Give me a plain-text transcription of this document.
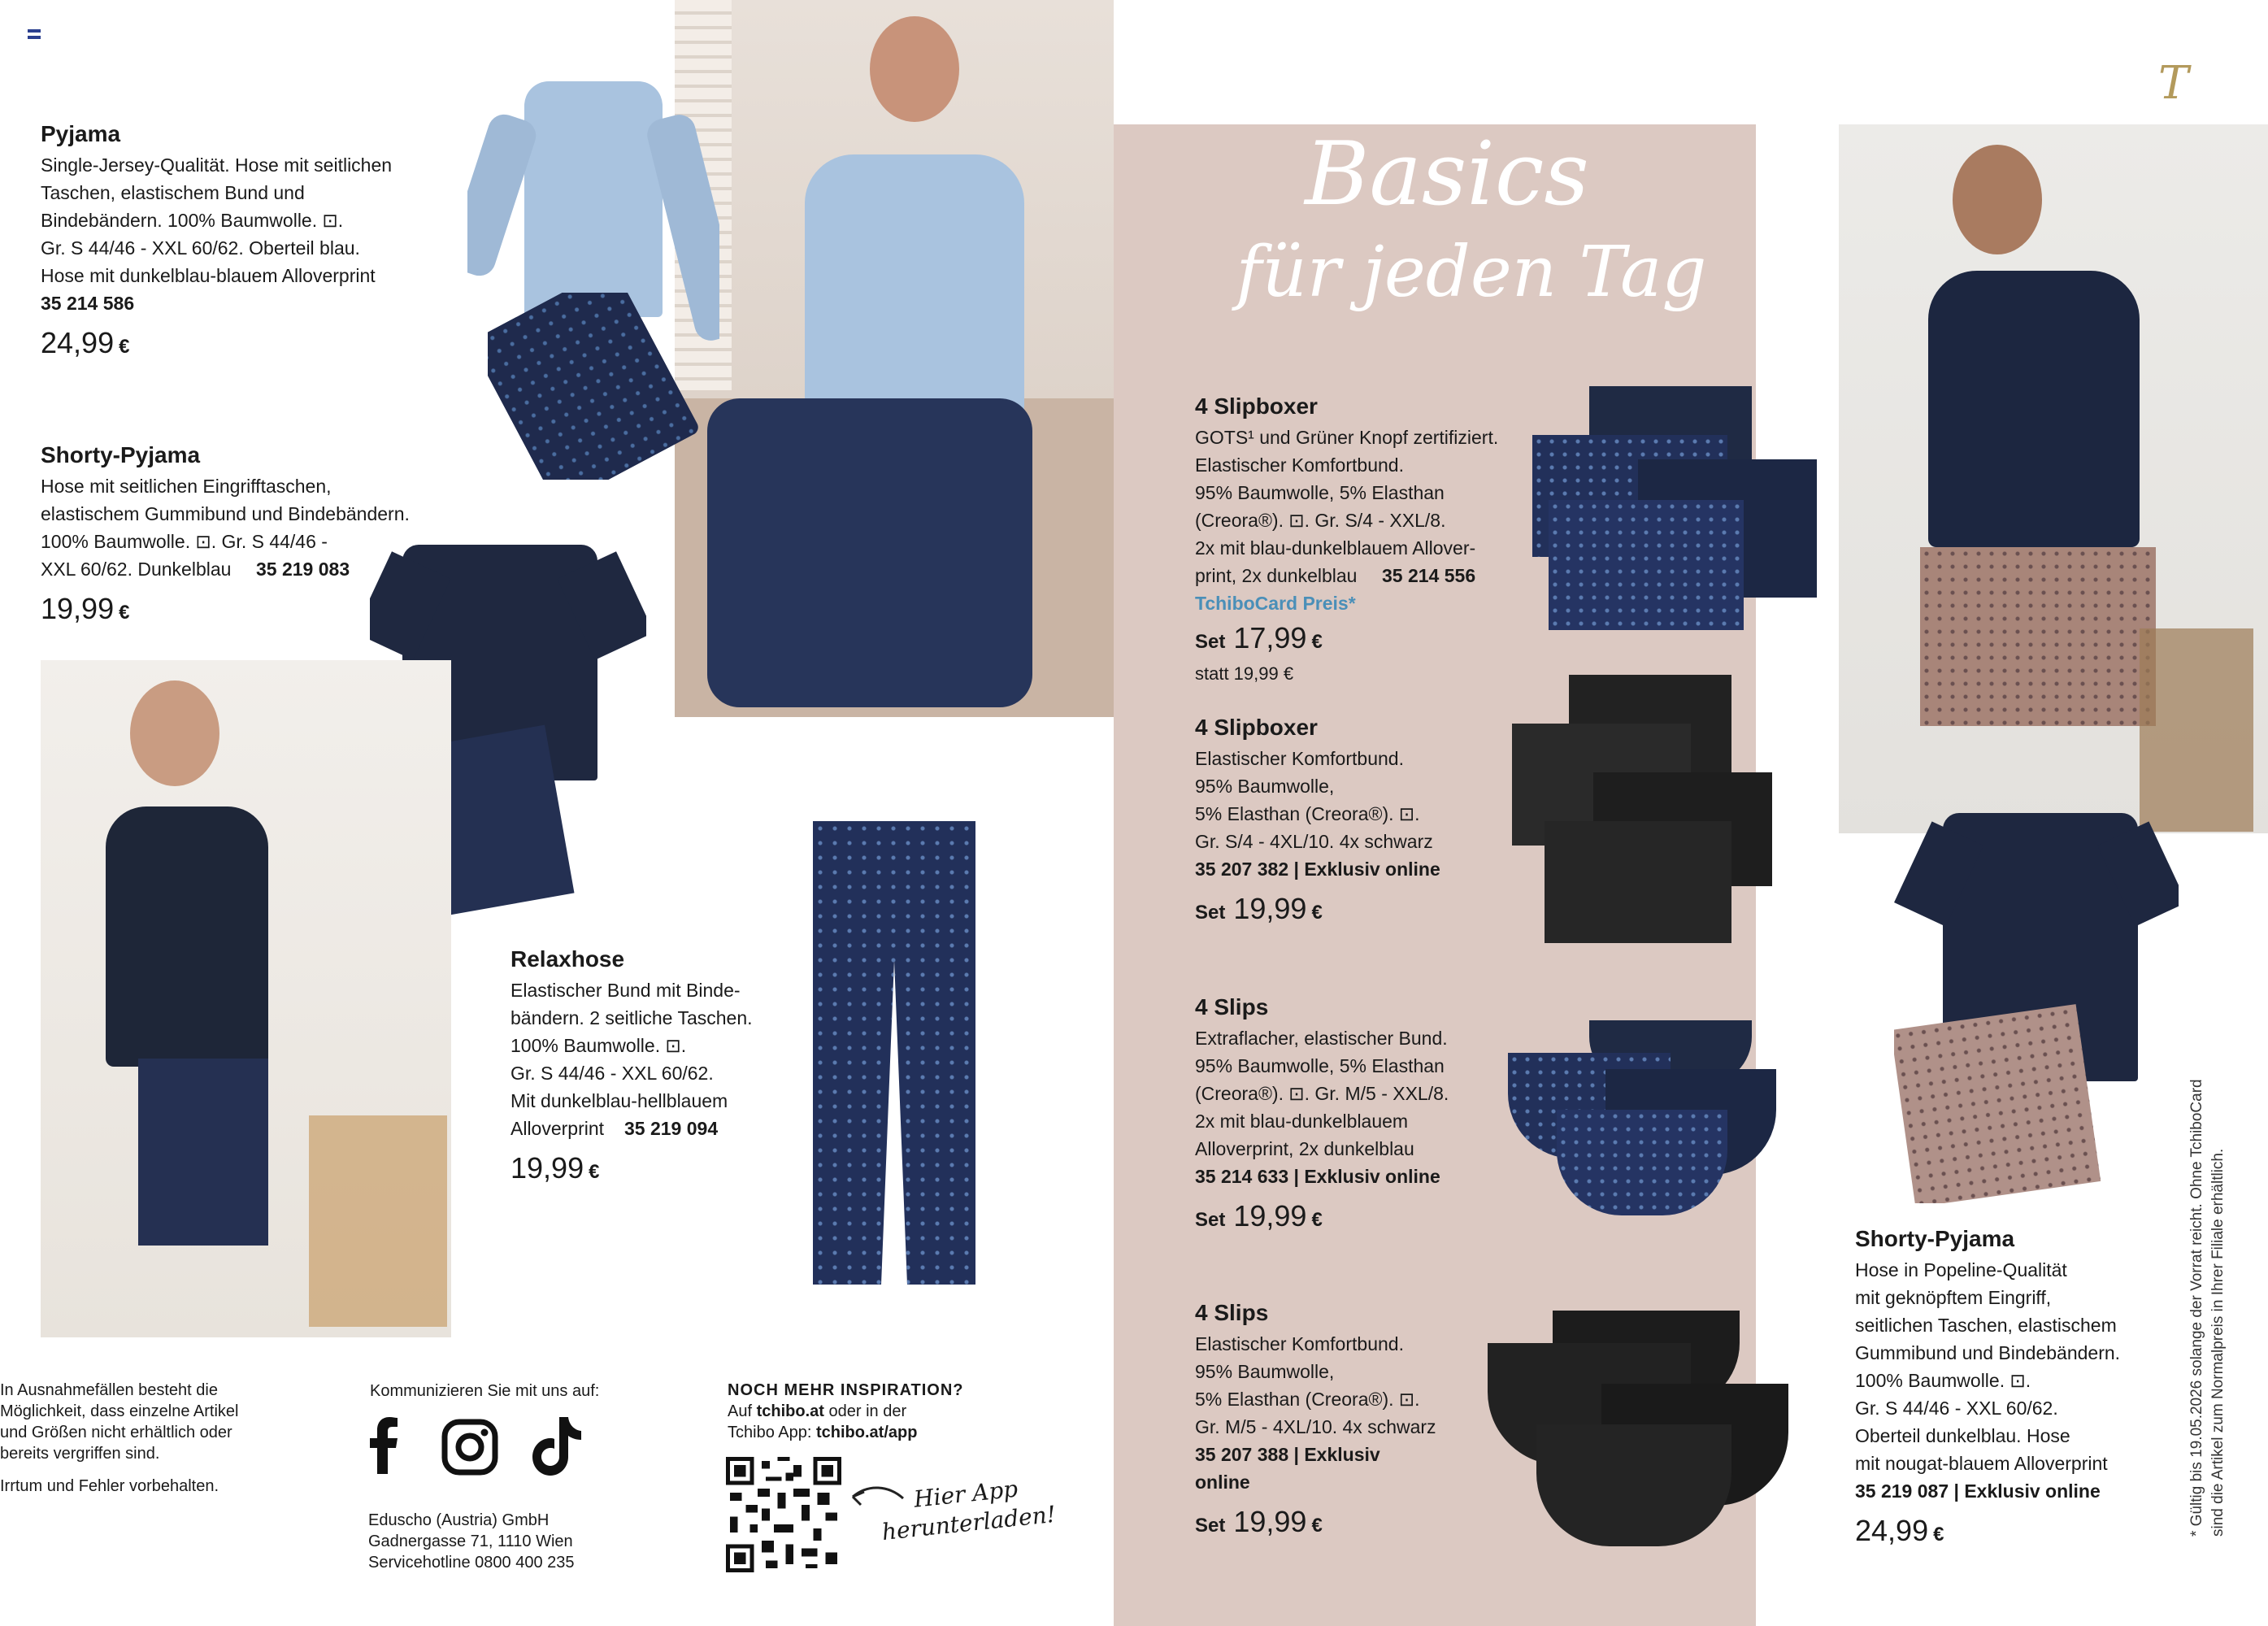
Basics
für jeden Tag
T
Pyjama

Single-Jersey-Qualität. Hose mit seitlichen
Taschen, elastischem Bund und
Bindebändern. 100% Baumwolle. ⊡.
Gr. S 44/46 - XXL 60/62. Oberteil blau.
Hose mit dunkelblau-blauem Alloverprint

35 214 586
24,99 €
Shorty-Pyjama

Hose mit seitlichen Eingrifftaschen,
elastischem Gummibund und Bindebändern.
100% Baumwolle. ⊡. Gr. S 44/46 -
XXL 60/62. Dunkelblau	35 219 083
19,99 €
Relaxhose

Elastischer Bund mit Binde-
bändern. 2 seitliche Taschen.
100% Baumwolle. ⊡.
Gr. S 44/46 - XXL 60/62.
Mit dunkelblau-hellblauem
Alloverprint	35 219 094
19,99 €
4 Slipboxer

GOTS¹ und Grüner Knopf zertifiziert.
Elastischer Komfortbund.
95% Baumwolle, 5% Elasthan
(Creora®). ⊡. Gr. S/4 - XXL/8.
2x mit blau-dunkelblauem Allover-
print, 2x dunkelblau	35 214 556
TchiboCard Preis*
Set 17,99 €
statt 19,99 €
4 Slipboxer

Elastischer Komfortbund.
95% Baumwolle,
5% Elasthan (Creora®). ⊡.
Gr. S/4 - 4XL/10. 4x schwarz

35 207 382 | Exklusiv online
Set 19,99 €
4 Slips

Extraflacher, elastischer Bund.
95% Baumwolle, 5% Elasthan
(Creora®). ⊡. Gr. M/5 - XXL/8.
2x mit blau-dunkelblauem
Alloverprint, 2x dunkelblau

35 214 633 | Exklusiv online
Set 19,99 €
4 Slips

Elastischer Komfortbund.
95% Baumwolle,
5% Elasthan (Creora®). ⊡.
Gr. M/5 - 4XL/10. 4x schwarz

35 207 388 | Exklusiv
online
Set 19,99 €
Shorty-Pyjama

Hose in Popeline-Qualität
mit geknöpftem Eingriff,
seitlichen Taschen, elastischem
Gummibund und Bindebändern.
100% Baumwolle. ⊡.
Gr. S 44/46 - XXL 60/62.
Oberteil dunkelblau. Hose
mit nougat-blauem Alloverprint

35 219 087 | Exklusiv online
24,99 €
In Ausnahmefällen besteht die
Möglichkeit, dass einzelne Artikel
und Größen nicht erhältlich oder
bereits vergriffen sind.
Irrtum und Fehler vorbehalten.
Kommunizieren Sie mit uns auf:
Eduscho (Austria) GmbH
Gadnergasse 71, 1110 Wien
Servicehotline 0800 400 235
NOCH MEHR INSPIRATION?
Auf tchibo.at oder in der
Tchibo App: tchibo.at/app
Hier App
herunterladen!	* Gültig bis 19.05.2026 solange der Vorrat reicht. Ohne TchiboCard
sind die Artikel zum Normalpreis in Ihrer Filiale erhältlich.
